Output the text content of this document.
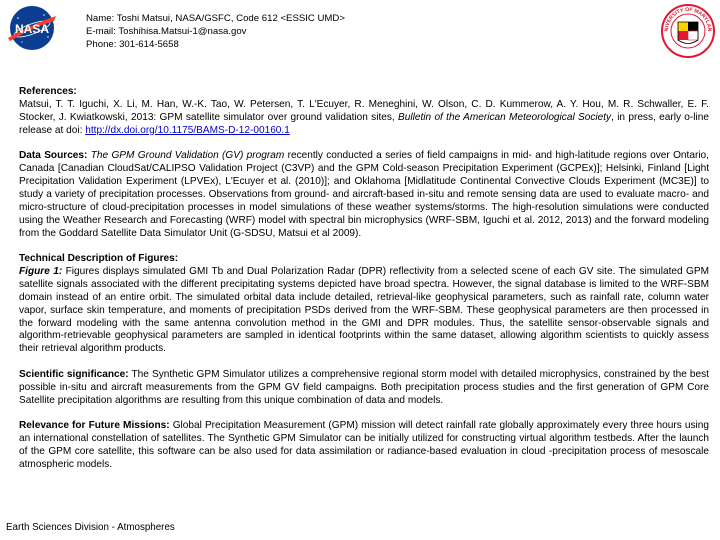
NASA
Name: Toshi Matsui, NASA/GSFC, Code 612 <ESSIC UMD>
E-mail: Toshihisa.Matsui-1@nasa.gov
Phone: 301-614-5658
NIVERSITY OF MARYLAN

References:

Matsui, T. T. Iguchi, X. Li, M. Han, W.-K. Tao, W. Petersen, T. L'Ecuyer, R. Meneghini, W. Olson, C. D. Kummerow, A. Y. Hou, M. R. Schwaller, E. F. Stocker, J. Kwiatkowski, 2013: GPM satellite simulator over ground validation sites, Bulletin of the American Meteorological Society, in press, early o-line release at doi: http://dx.doi.org/10.1175/BAMS-D-12-00160.1

Data Sources: The GPM Ground Validation (GV) program recently conducted a series of field campaigns in mid- and high-latitude regions over Ontario, Canada [Canadian CloudSat/CALIPSO Validation Project (C3VP) and the GPM Cold-season Precipitation Experiment (GCPEx)]; Helsinki, Finland [Light Precipitation Validation Experiment (LPVEx), L'Ecuyer et al. (2010)]; and Oklahoma [Midlatitude Continental Convective Clouds Experiment (MC3E)] to study a variety of precipitation processes. Observations from ground- and aircraft-based in-situ and remote sensing data are used to evaluate macro- and micro-structure of cloud-precipitation processes in model simulations of these weather systems/storms. The high-resolution simulations were conducted using the Weather Research and Forecasting (WRF) model with spectral bin microphysics (WRF-SBM, Iguchi et al. 2012, 2013) and the forward modeling from the Goddard Satellite Data Simulator Unit (G-SDSU, Matsui et al 2009).

Technical Description of Figures:

Figure 1: Figures displays simulated GMI Tb and Dual Polarization Radar (DPR) reflectivity from a selected scene of each GV site. The simulated GPM satellite signals associated with the different precipitating systems depicted have broad spectra. However, the signal database is limited to the WRF-SBM domain instead of an entire orbit. The simulated orbital data include detailed, retrieval-like geophysical parameters, such as rainfall rate, column water vapor, surface skin temperature, and moments of precipitation PSDs derived from the WRF-SBM. These geophysical parameters are then processed in the forward modeling with the same antenna convolution method in the GMI and DPR modules. Thus, the satellite sensor-observable signals and algorithm-retrievable geophysical parameters are sampled in identical footprints within the same dataset, allowing algorithm scientists to quickly assess their retrieval algorithm products.

Scientific significance: The Synthetic GPM Simulator utilizes a comprehensive regional storm model with detailed microphysics, constrained by the best possible in-situ and aircraft measurements from the GPM GV field campaigns. Both precipitation process studies and the first generation of GPM Core Satellite precipitation algorithms are resulting from this unique combination of data and models.

Relevance for Future Missions: Global Precipitation Measurement (GPM) mission will detect rainfall rate globally approximately every three hours using an international constellation of satellites. The Synthetic GPM Simulator can be initially utilized for constructing virtual algorithm testbeds. After the launch of the GPM core satellite, this software can be also used for data assimilation or radiance-based evaluation in cloud -precipitation process of mesoscale atmospheric models.

Earth Sciences Division - Atmospheres
